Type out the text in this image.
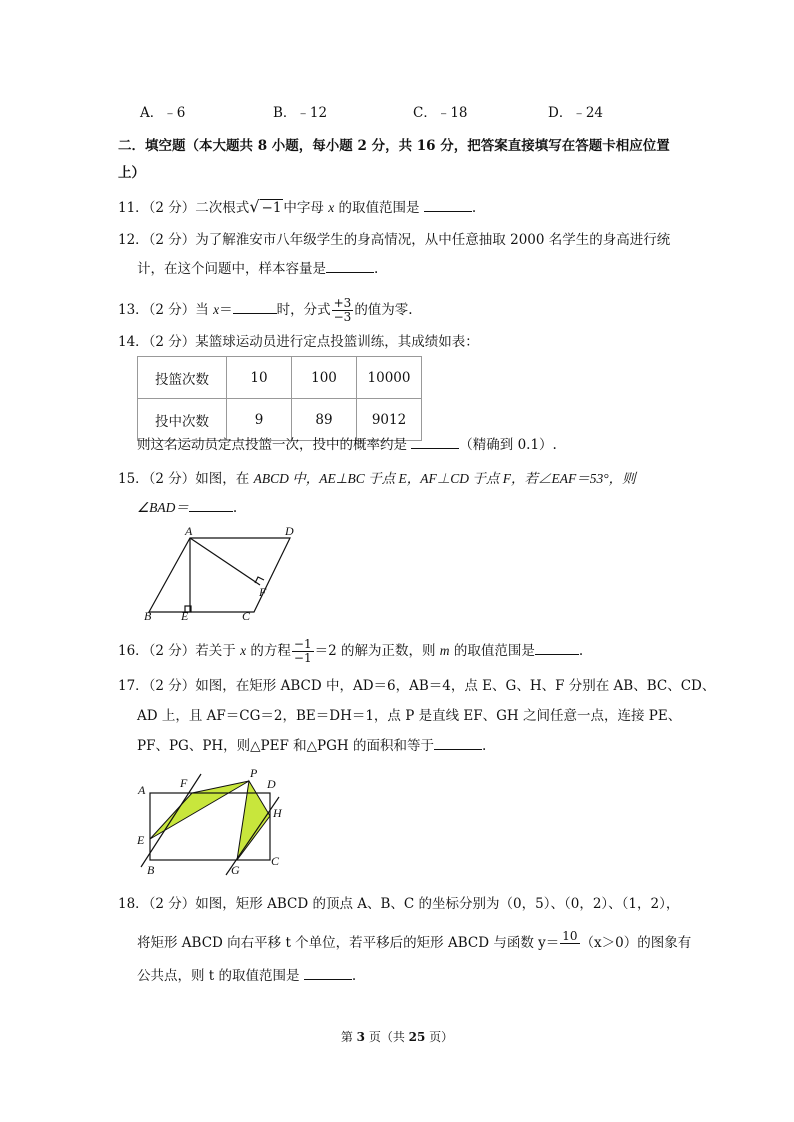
A．﹣6	B．﹣12	C．﹣18	D．﹣24
二．填空题（本大题共 8 小题，每小题 2 分，共 16 分，把答案直接填写在答题卡相应位置
上）
11．（2 分）二次根式√ −1 中字母 x 的取值范围是	.
12．（2 分）为了解淮安市八年级学生的身高情况，从中任意抽取 2000 名学生的身高进行统
计，在这个问题中，样本容量是	.
13．（2 分）当 x＝	时，分式 $\frac{+3}{-3}$ 的值为零.
14．（2 分）某篮球运动员进行定点投篮训练，其成绩如表：
投篮次数	10	100	10000
投中次数	9	89	9012
则这名运动员定点投篮一次，投中的概率约是	（精确到 0.1）.
15．（2 分）如图，在 ABCD 中，AE⊥BC 于点 E，AF⊥CD 于点 F，若∠EAF＝53°，则
∠BAD＝	.
A	D
B E	C
F
16．（2 分）若关于 x 的方程 $\frac{-1}{-1} =2$ 的解为正数，则 m 的取值范围是	.
17．（2 分）如图，在矩形 ABCD 中，AD＝6，AB＝4，点 E、G、H、F 分别在 AB、BC、CD、
AD 上，且 AF＝CG＝2，BE＝DH＝1，点 P 是直线 EF、GH 之间任意一点，连接 PE、
PF、PG、PH，则△PEF 和△PGH 的面积和等于	.
A	F
P
D
H
E
B	G
C
18．（2 分）如图，矩形 ABCD 的顶点 A、B、C 的坐标分别为（0，5）、（0，2）、（1，2），
将矩形 ABCD 向右平移 t 个单位，若平移后的矩形 ABCD 与函数 y＝ 10
（x＞0）的图象有
公共点，则 t 的取值范围是	.
第 3 页（共 25 页）
